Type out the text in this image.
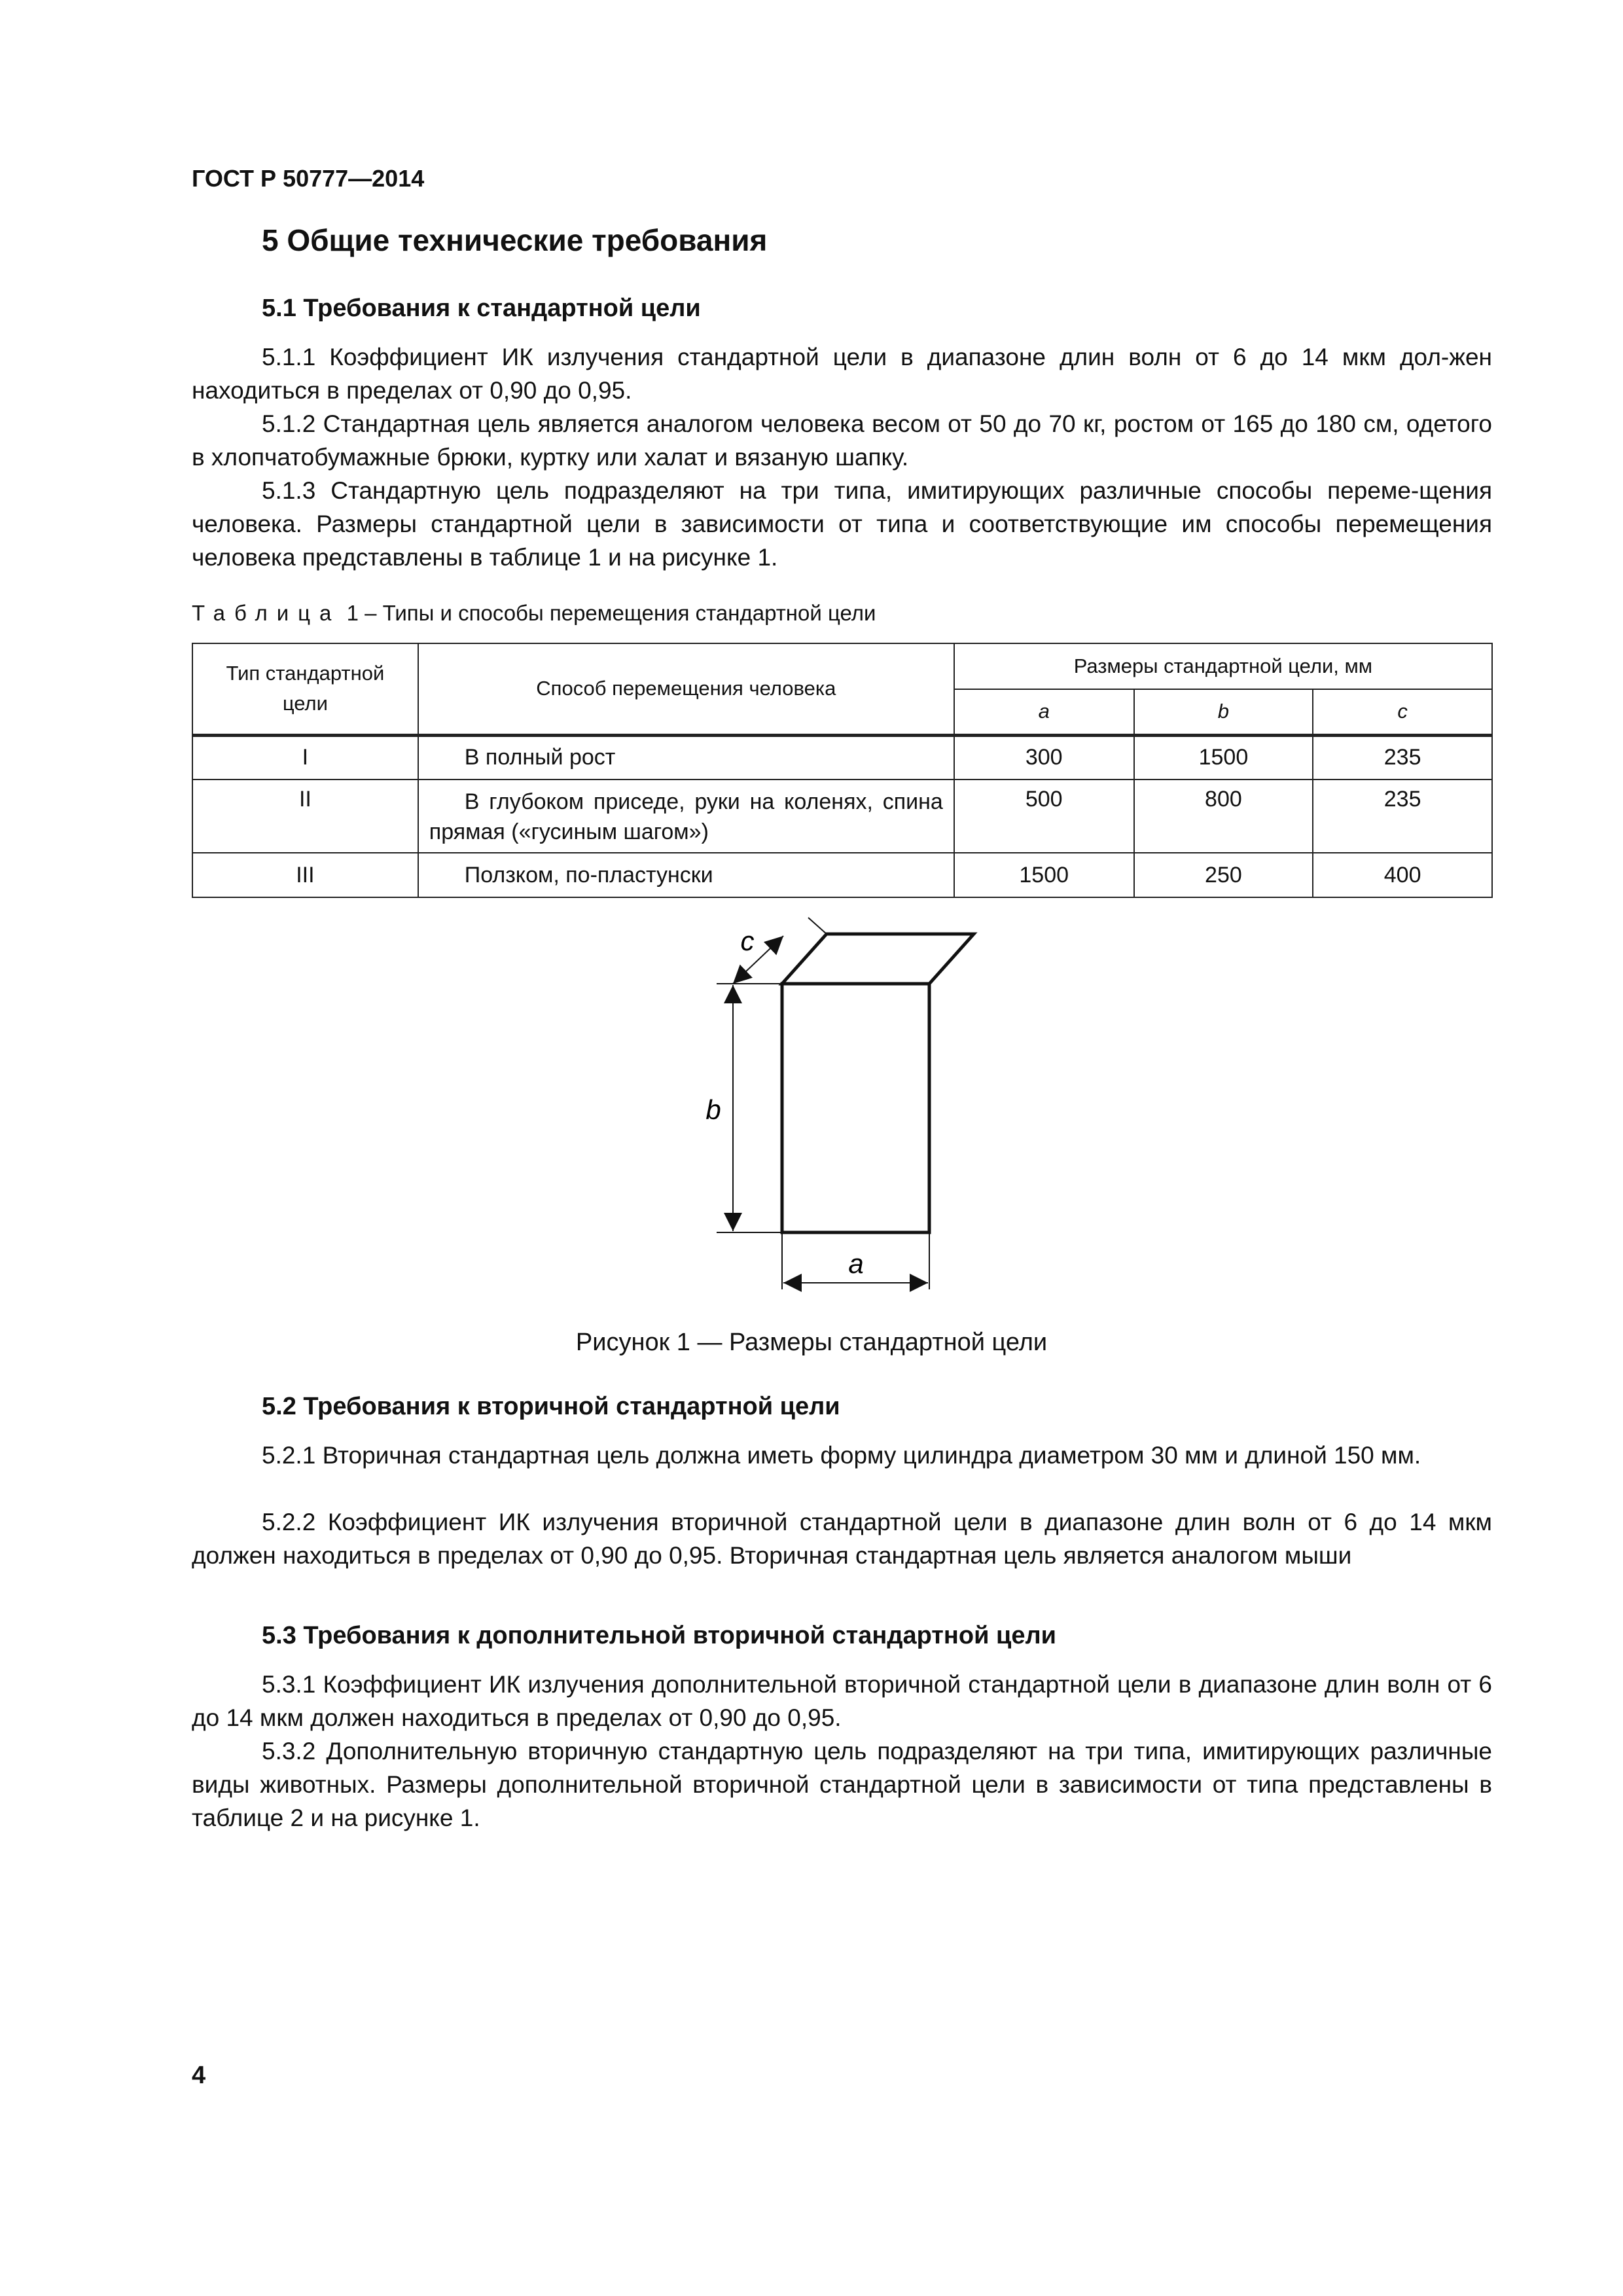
ГОСТ Р 50777—2014
5 Общие технические требования
5.1 Требования к стандартной цели
5.1.1 Коэффициент ИК излучения стандартной цели в диапазоне длин волн от 6 до 14 мкм дол-жен находиться в пределах от 0,90 до 0,95.
5.1.2 Стандартная цель является аналогом человека весом от 50 до 70 кг, ростом от 165 до 180 см, одетого в хлопчатобумажные брюки, куртку или халат и вязаную шапку.
5.1.3 Стандартную цель подразделяют на три типа, имитирующих различные способы переме-щения человека. Размеры стандартной цели в зависимости от типа и соответствующие им способы перемещения человека представлены в таблице 1 и на рисунке 1.
Таблица 1 – Типы и способы перемещения стандартной цели
Тип стандартной цели	Способ перемещения человека	Размеры стандартной цели, мм		
		a	b	c
I	В полный рост	300	1500	235
II	В глубоком приседе, руки на коленях, спина прямая («гусиным шагом»)	500	800	235
III	Ползком, по-пластунски	1500	250	400
a
b
c
Рисунок 1 — Размеры стандартной цели
5.2 Требования к вторичной стандартной цели
5.2.1 Вторичная стандартная цель должна иметь форму цилиндра диаметром 30 мм и длиной 150 мм.
5.2.2 Коэффициент ИК излучения вторичной стандартной цели в диапазоне длин волн от 6 до 14 мкм должен находиться в пределах от 0,90 до 0,95. Вторичная стандартная цель является аналогом мыши
5.3 Требования к дополнительной вторичной стандартной цели
5.3.1 Коэффициент ИК излучения дополнительной вторичной стандартной цели в диапазоне длин волн от 6 до 14 мкм должен находиться в пределах от 0,90 до 0,95.
5.3.2 Дополнительную вторичную стандартную цель подразделяют на три типа, имитирующих различные виды животных. Размеры дополнительной вторичной стандартной цели в зависимости от типа представлены в таблице 2 и на рисунке 1.
4
